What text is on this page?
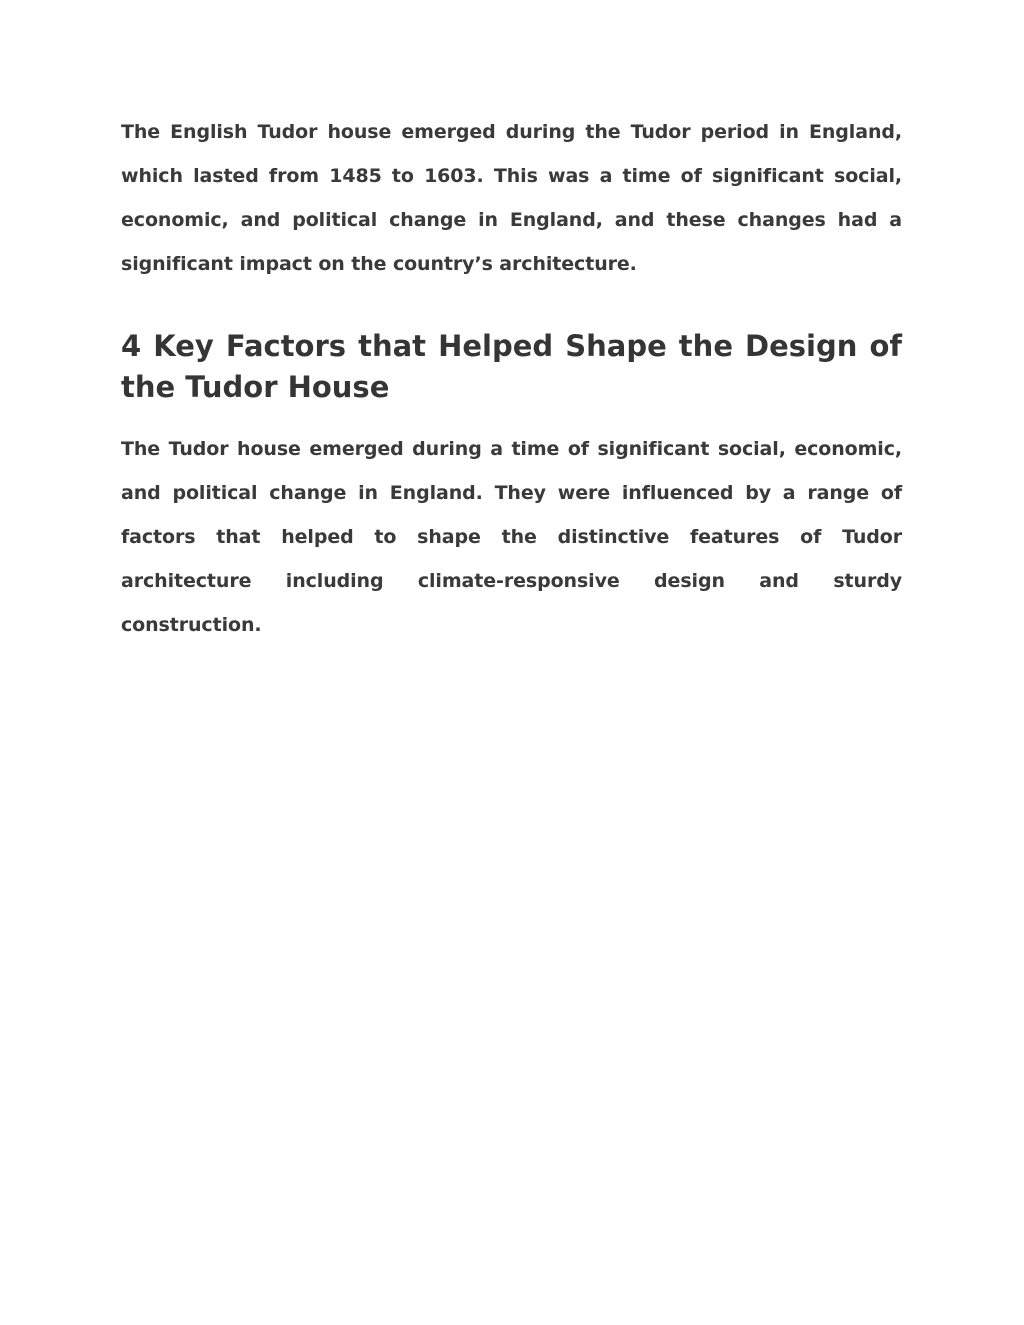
The English Tudor house emerged during the Tudor period in England, which lasted from 1485 to 1603. This was a time of significant social, economic, and political change in England, and these changes had a significant impact on the country’s architecture.

4 Key Factors that Helped Shape the Design of the Tudor House

The Tudor house emerged during a time of significant social, economic, and political change in England. They were influenced by a range of factors that helped to shape the distinctive features of Tudor architecture including climate-responsive design and sturdy construction.
